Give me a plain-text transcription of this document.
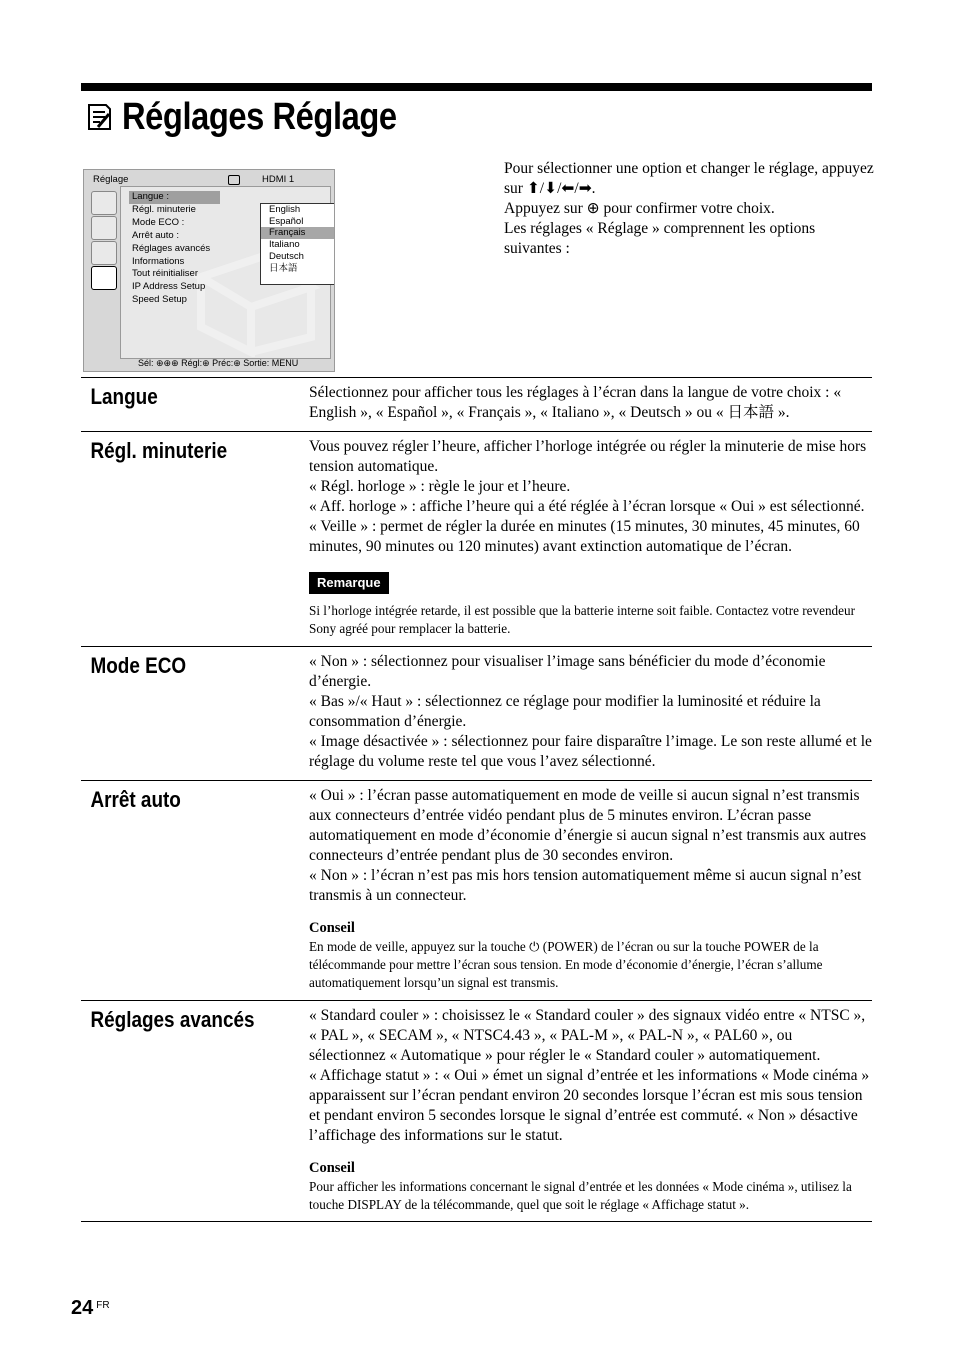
Réglages Réglage
Réglage	HDMI 1
Langue :
Régl. minuterie
Mode ECO :
Arrêt auto :
Réglages avancés
Informations
Tout réinitialiser
IP Address Setup
Speed Setup
English
Español
Français
Italiano
Deutsch
日本語
Sél: ⊕⊕⊕ Régl:⊕ Préc:⊕ Sortie: MENU

Pour sélectionner une option et changer le réglage, appuyez sur ⬆/⬇/⬅/➡.

Appuyez sur ⊕ pour confirmer votre choix.

Les réglages « Réglage » comprennent les options suivantes :

Langue	Sélectionnez pour afficher tous les réglages à l’écran dans la langue de votre choix : « English », « Español », « Français », « Italiano », « Deutsch » ou « 日本語 ».

Régl. minuterie	Vous pouvez régler l’heure, afficher l’horloge intégrée ou régler la minuterie de mise hors tension automatique.

« Régl. horloge » : règle le jour et l’heure.

« Aff. horloge » : affiche l’heure qui a été réglée à l’écran lorsque « Oui » est sélectionné.

« Veille » : permet de régler la durée en minutes (15 minutes, 30 minutes, 45 minutes, 60 minutes, 90 minutes ou 120 minutes) avant extinction automatique de l’écran.

Remarque

Si l’horloge intégrée retarde, il est possible que la batterie interne soit faible. Contactez votre revendeur Sony agréé pour remplacer la batterie.

Mode ECO	« Non » : sélectionnez pour visualiser l’image sans bénéficier du mode d’économie d’énergie.

« Bas »/« Haut » : sélectionnez ce réglage pour modifier la luminosité et réduire la consommation d’énergie.

« Image désactivée » : sélectionnez pour faire disparaître l’image. Le son reste allumé et le réglage du volume reste tel que vous l’avez sélectionné.

Arrêt auto	« Oui » : l’écran passe automatiquement en mode de veille si aucun signal n’est transmis aux connecteurs d’entrée vidéo pendant plus de 5 minutes environ. L’écran passe automatiquement en mode d’économie d’énergie si aucun signal n’est transmis aux autres connecteurs d’entrée pendant plus de 30 secondes environ.

« Non » : l’écran n’est pas mis hors tension automatiquement même si aucun signal n’est transmis à un connecteur.

Conseil

En mode de veille, appuyez sur la touche ⏻ (POWER) de l’écran ou sur la touche POWER de la télécommande pour mettre l’écran sous tension. En mode d’économie d’énergie, l’écran s’allume automatiquement lorsqu’un signal est transmis.

Réglages avancés	« Standard couler » : choisissez le « Standard couler » des signaux vidéo entre « NTSC », « PAL », « SECAM », « NTSC4.43 », « PAL-M », « PAL-N », « PAL60 », ou sélectionnez « Automatique » pour régler le « Standard couler » automatiquement.

« Affichage statut » : « Oui » émet un signal d’entrée et les informations « Mode cinéma » apparaissent sur l’écran pendant environ 20 secondes lorsque l’écran est mis sous tension et pendant environ 5 secondes lorsque le signal d’entrée est commuté. « Non » désactive l’affichage des informations sur le statut.

Conseil

Pour afficher les informations concernant le signal d’entrée et les données « Mode cinéma », utilisez la touche DISPLAY de la télécommande, quel que soit le réglage « Affichage statut ».

24 $^{FR}$
